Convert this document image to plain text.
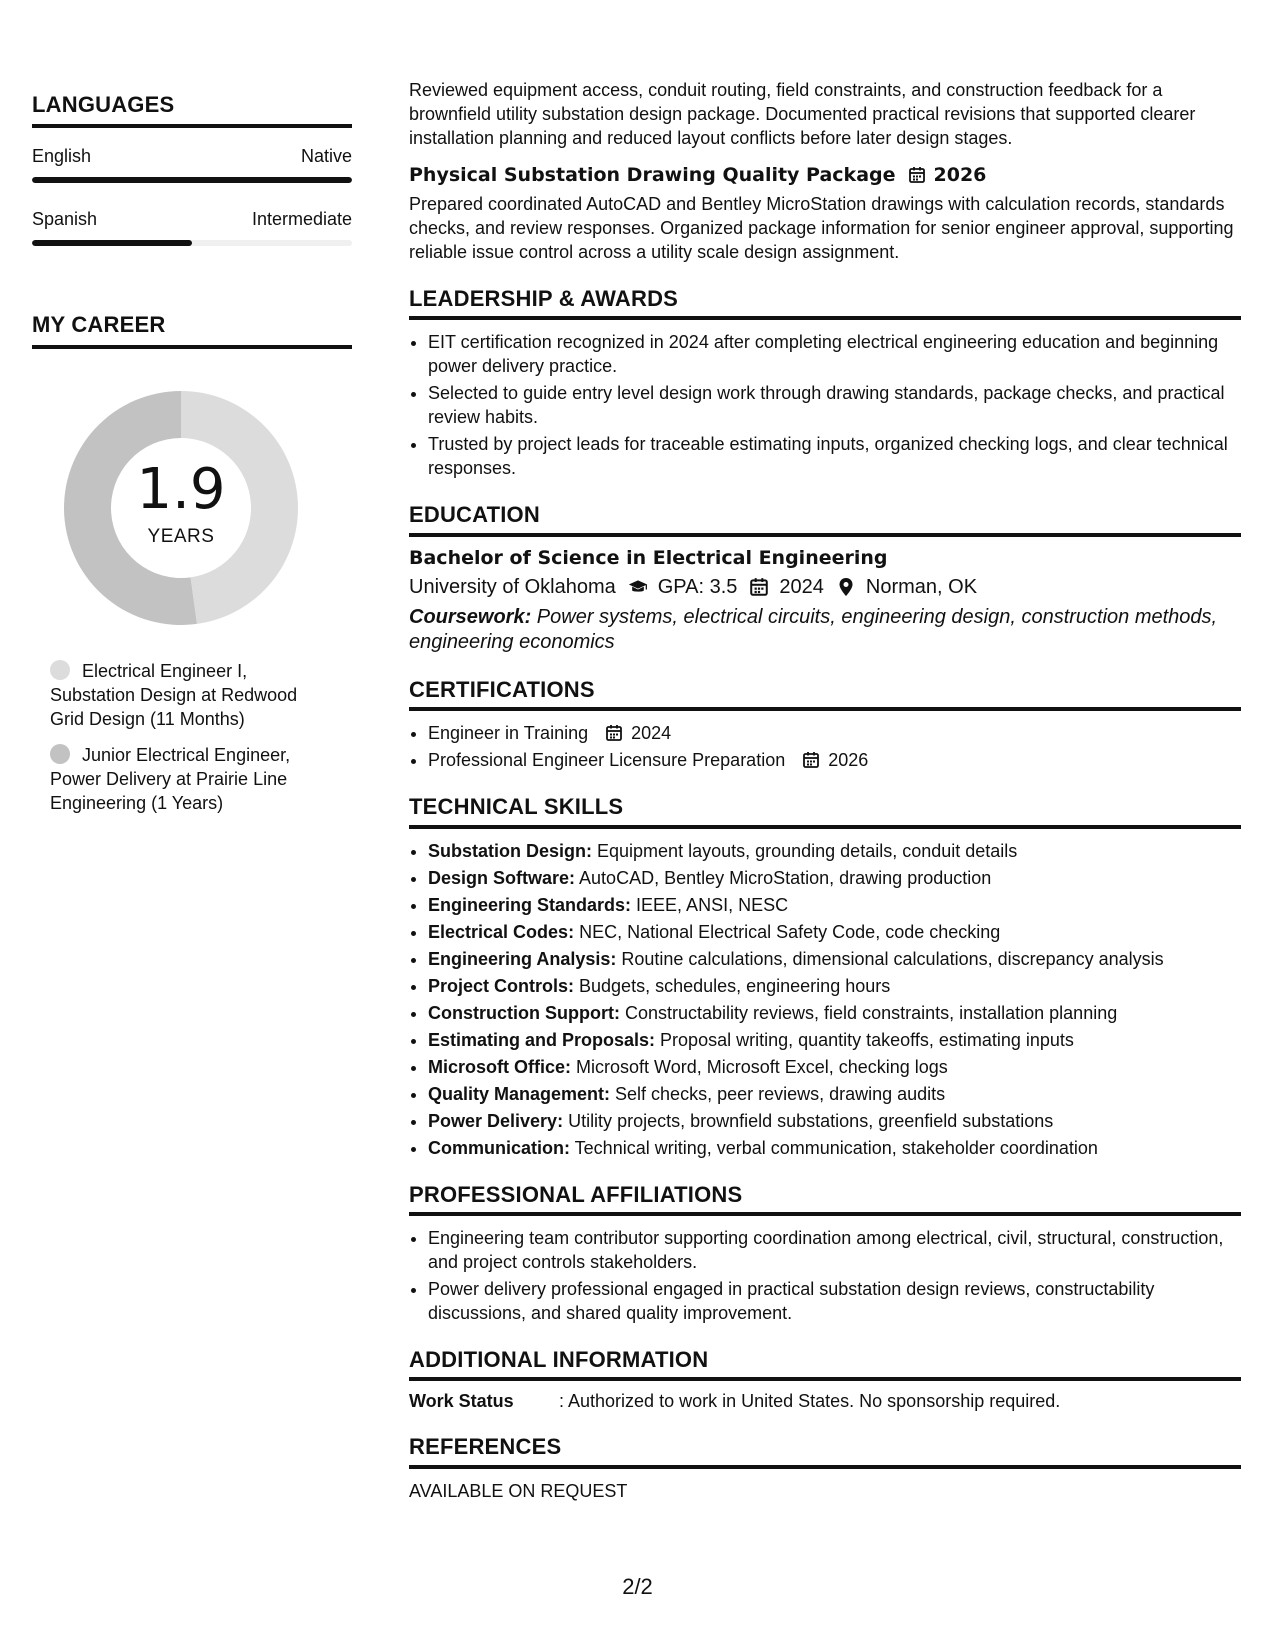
LANGUAGES
English	Native
Spanish	Intermediate
MY CAREER
1.9
YEARS
Electrical Engineer I, Substation Design at Redwood Grid Design (11 Months)
Junior Electrical Engineer, Power Delivery at Prairie Line Engineering (1 Years)

Reviewed equipment access, conduit routing, field constraints, and construction feedback for a brownfield utility substation design package. Documented practical revisions that supported clearer installation planning and reduced layout conflicts before later design stages.

Physical Substation Drawing Quality Package 2026

Prepared coordinated AutoCAD and Bentley MicroStation drawings with calculation records, standards checks, and review responses. Organized package information for senior engineer approval, supporting reliable issue control across a utility scale design assignment.

LEADERSHIP & AWARDS
• EIT certification recognized in 2024 after completing electrical engineering education and beginning power delivery practice.
• Selected to guide entry level design work through drawing standards, package checks, and practical review habits.
• Trusted by project leads for traceable estimating inputs, organized checking logs, and clear technical responses.
EDUCATION
Bachelor of Science in Electrical Engineering
University of Oklahoma GPA: 3.5 2024 Norman, OK
Coursework: Power systems, electrical circuits, engineering design, construction methods, engineering economics
CERTIFICATIONS
• Engineer in Training 2024
• Professional Engineer Licensure Preparation 2026
TECHNICAL SKILLS
• Substation Design: Equipment layouts, grounding details, conduit details
• Design Software: AutoCAD, Bentley MicroStation, drawing production
• Engineering Standards: IEEE, ANSI, NESC
• Electrical Codes: NEC, National Electrical Safety Code, code checking
• Engineering Analysis: Routine calculations, dimensional calculations, discrepancy analysis
• Project Controls: Budgets, schedules, engineering hours
• Construction Support: Constructability reviews, field constraints, installation planning
• Estimating and Proposals: Proposal writing, quantity takeoffs, estimating inputs
• Microsoft Office: Microsoft Word, Microsoft Excel, checking logs
• Quality Management: Self checks, peer reviews, drawing audits
• Power Delivery: Utility projects, brownfield substations, greenfield substations
• Communication: Technical writing, verbal communication, stakeholder coordination
PROFESSIONAL AFFILIATIONS
• Engineering team contributor supporting coordination among electrical, civil, structural, construction, and project controls stakeholders.
• Power delivery professional engaged in practical substation design reviews, constructability discussions, and shared quality improvement.
ADDITIONAL INFORMATION
Work Status	: Authorized to work in United States. No sponsorship required.
REFERENCES
AVAILABLE ON REQUEST
2/2
